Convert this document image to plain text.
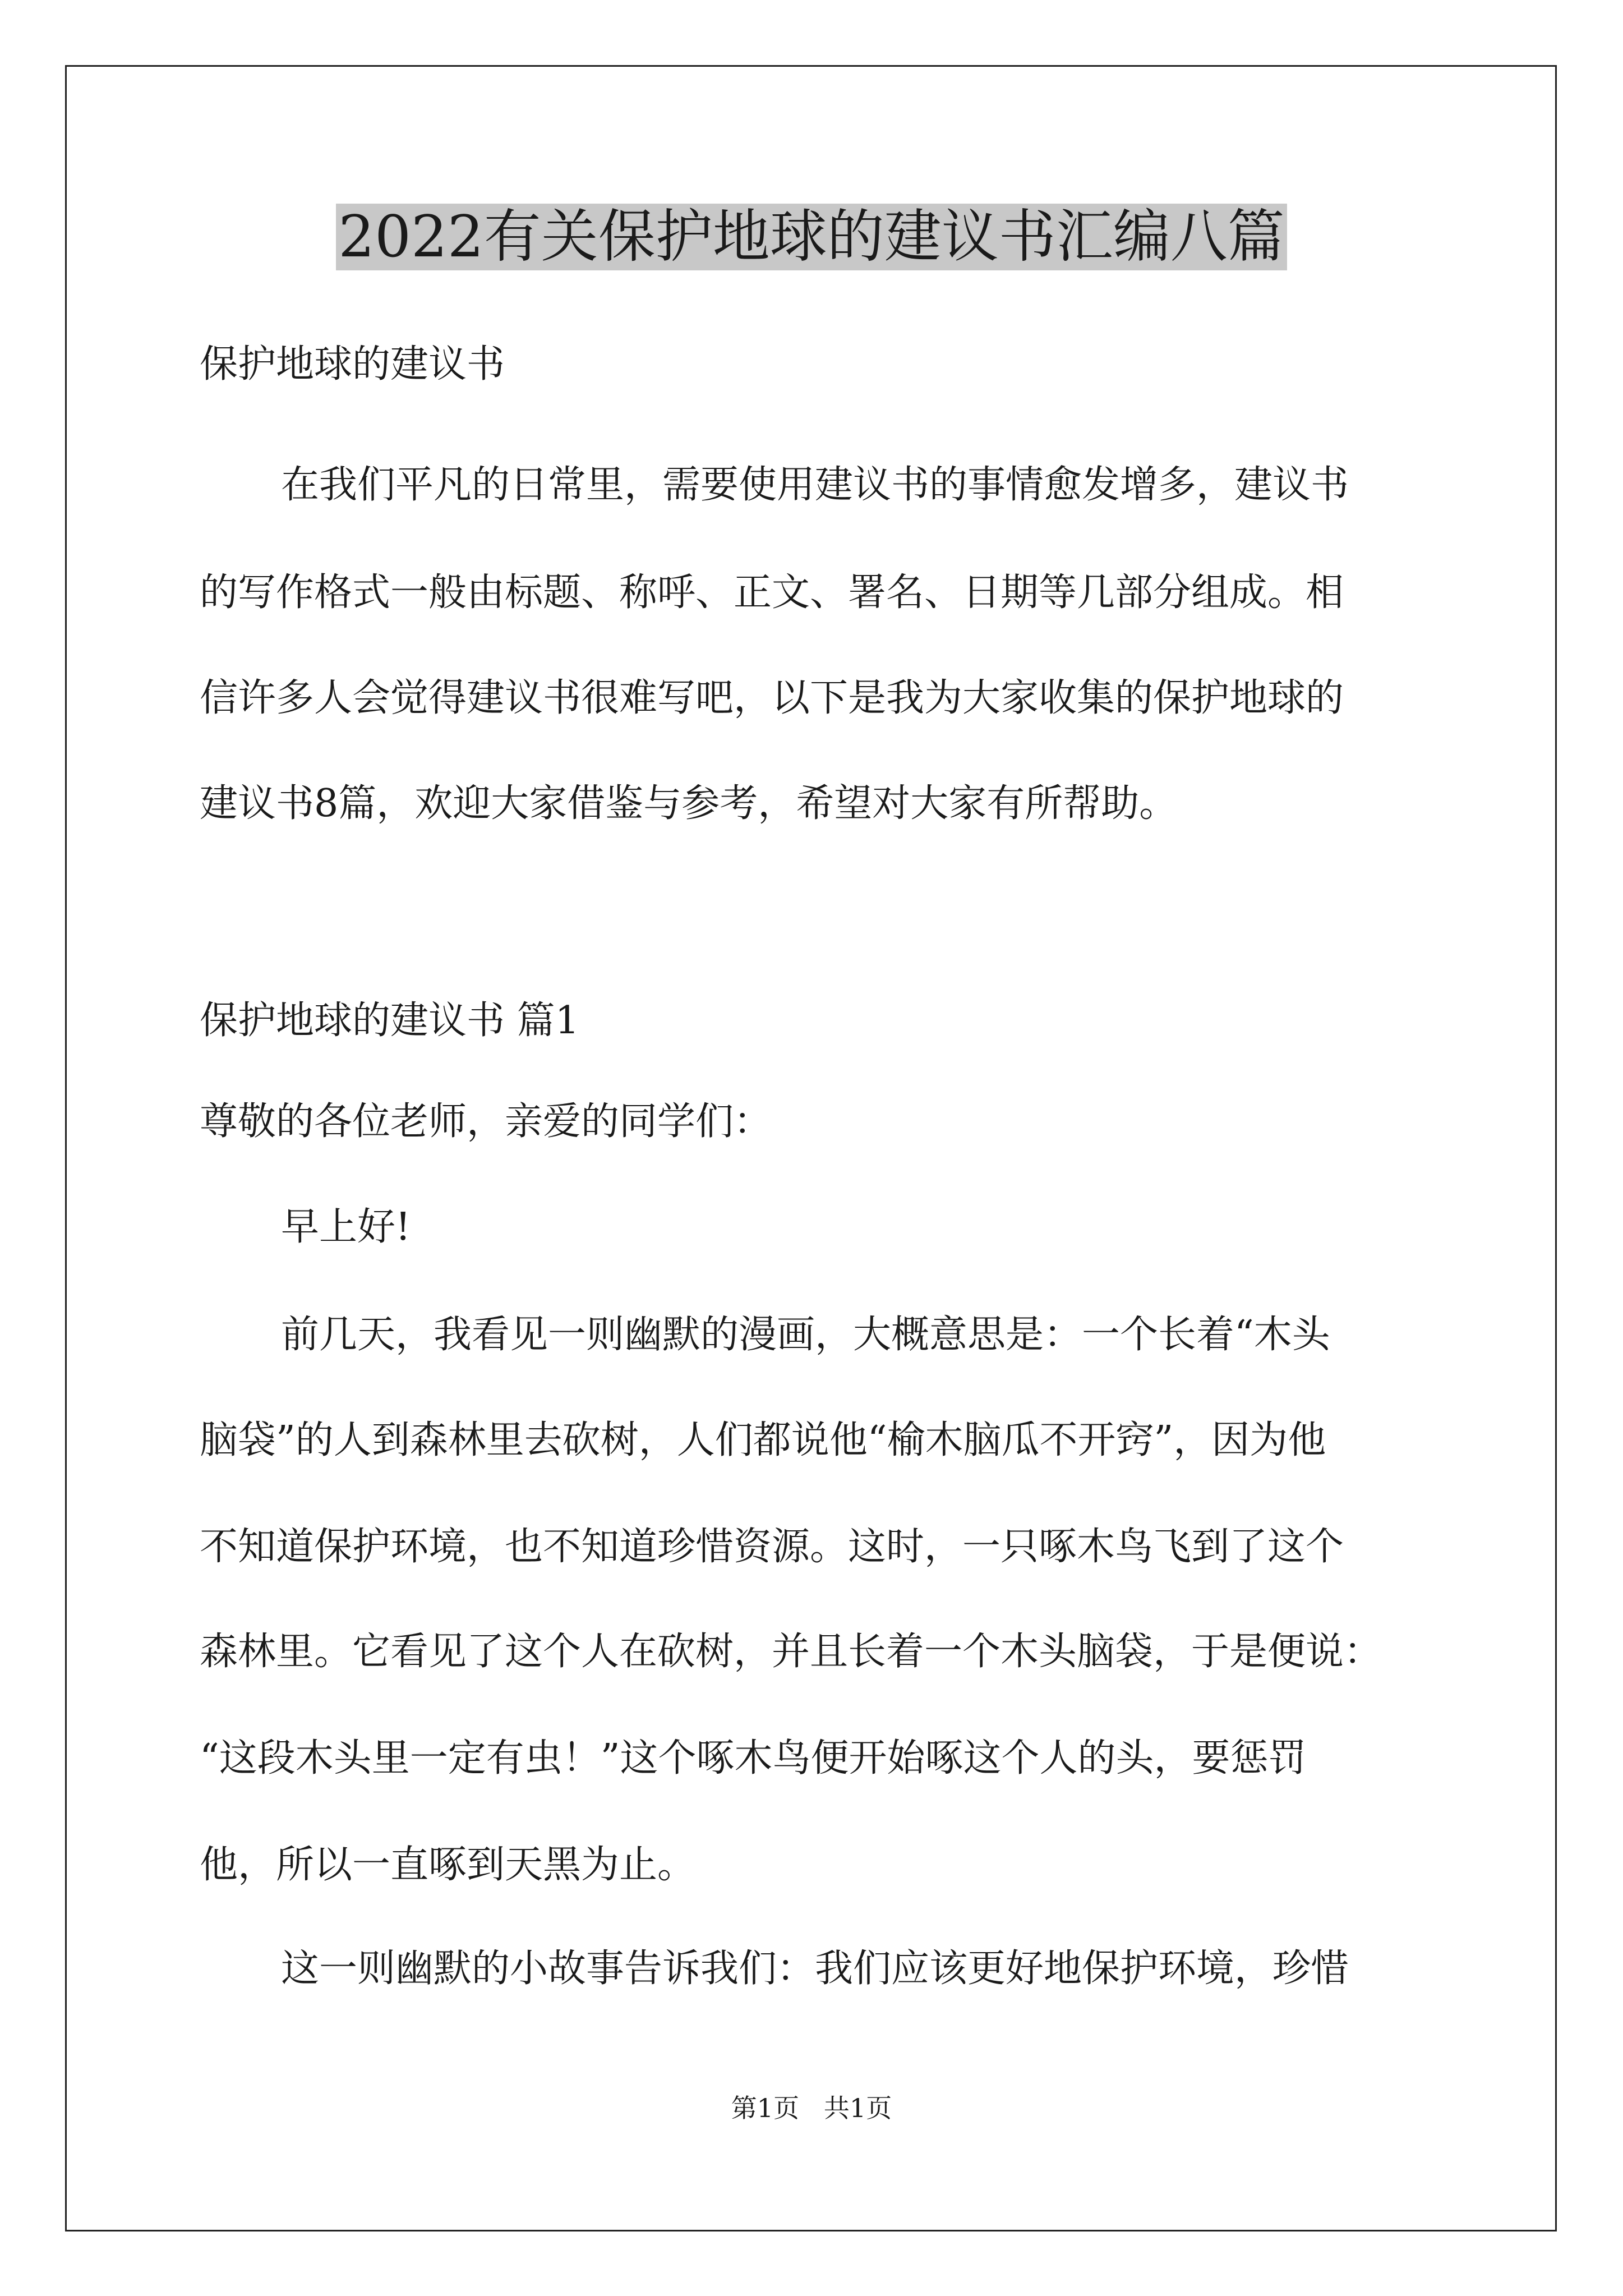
2022有关保护地球的建议书汇编八篇
保护地球的建议书
在我们平凡的日常里，需要使用建议书的事情愈发增多，建议书
的写作格式一般由标题、称呼、正文、署名、日期等几部分组成。相
信许多人会觉得建议书很难写吧，以下是我为大家收集的保护地球的
建议书8篇，欢迎大家借鉴与参考，希望对大家有所帮助。
保护地球的建议书 篇1
尊敬的各位老师，亲爱的同学们：
早上好!
前几天，我看见一则幽默的漫画，大概意思是：一个长着“木头
脑袋”的人到森林里去砍树，人们都说他“榆木脑瓜不开窍”，因为他
不知道保护环境，也不知道珍惜资源。这时，一只啄木鸟飞到了这个
森林里。它看见了这个人在砍树，并且长着一个木头脑袋，于是便说：
“这段木头里一定有虫！”这个啄木鸟便开始啄这个人的头，要惩罚
他，所以一直啄到天黑为止。
这一则幽默的小故事告诉我们：我们应该更好地保护环境，珍惜
第1页   共1页
